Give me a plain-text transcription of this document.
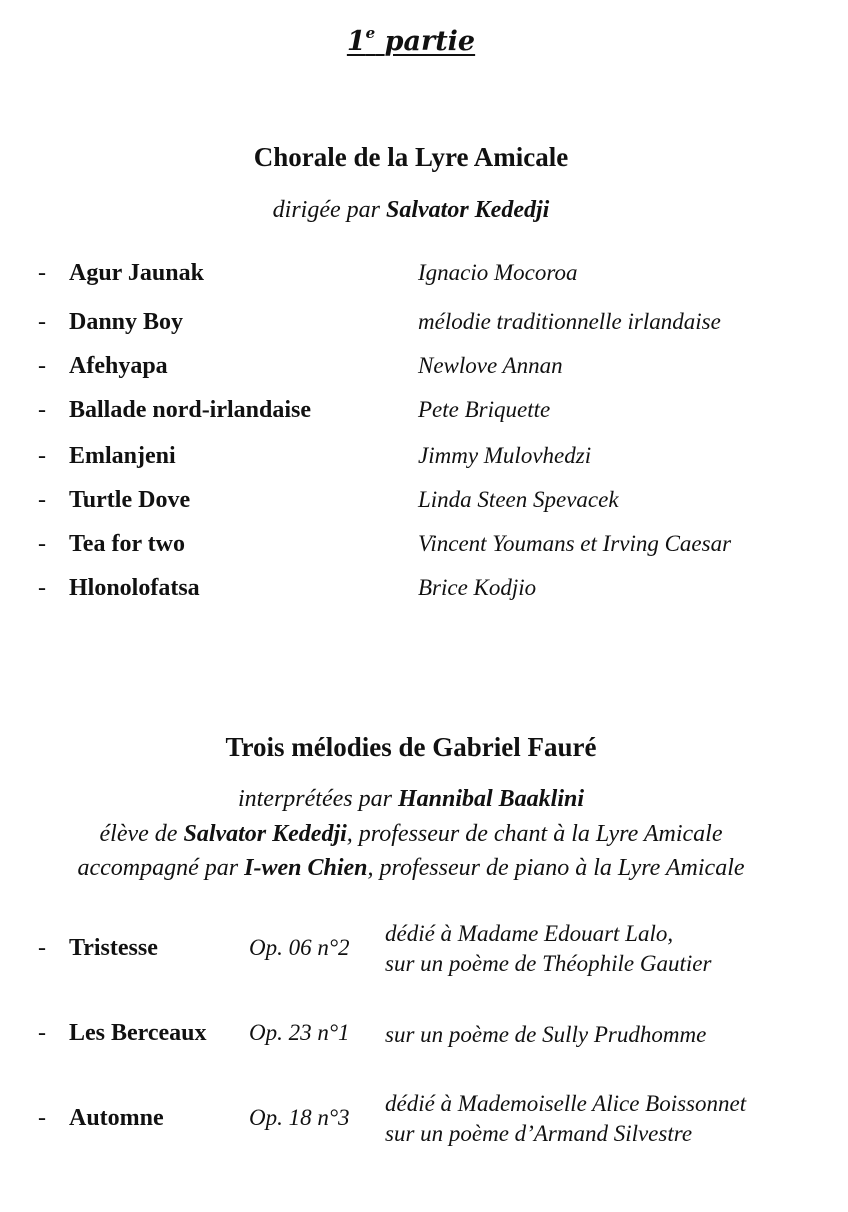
1e partie
Chorale de la Lyre Amicale
dirigée par Salvator Kededji
- Agur Jaunak	Ignacio Mocoroa
- Danny Boy	mélodie traditionnelle irlandaise
- Afehyapa	Newlove Annan
- Ballade nord-irlandaise	Pete Briquette
- Emlanjeni	Jimmy Mulovhedzi
- Turtle Dove	Linda Steen Spevacek
- Tea for two	Vincent Youmans et Irving Caesar
- Hlonolofatsa	Brice Kodjio
Trois mélodies de Gabriel Fauré
interprétées par Hannibal Baaklini
élève de Salvator Kededji, professeur de chant à la Lyre Amicale
accompagné par I-wen Chien, professeur de piano à la Lyre Amicale
- Tristesse	Op. 06 n°2
dédié à Madame Edouart Lalo,
sur un poème de Théophile Gautier
- Les Berceaux Op. 23 n°1 sur un poème de Sully Prudhomme
- Automne	Op. 18 n°3
dédié à Mademoiselle Alice Boissonnet
sur un poème d’Armand Silvestre
